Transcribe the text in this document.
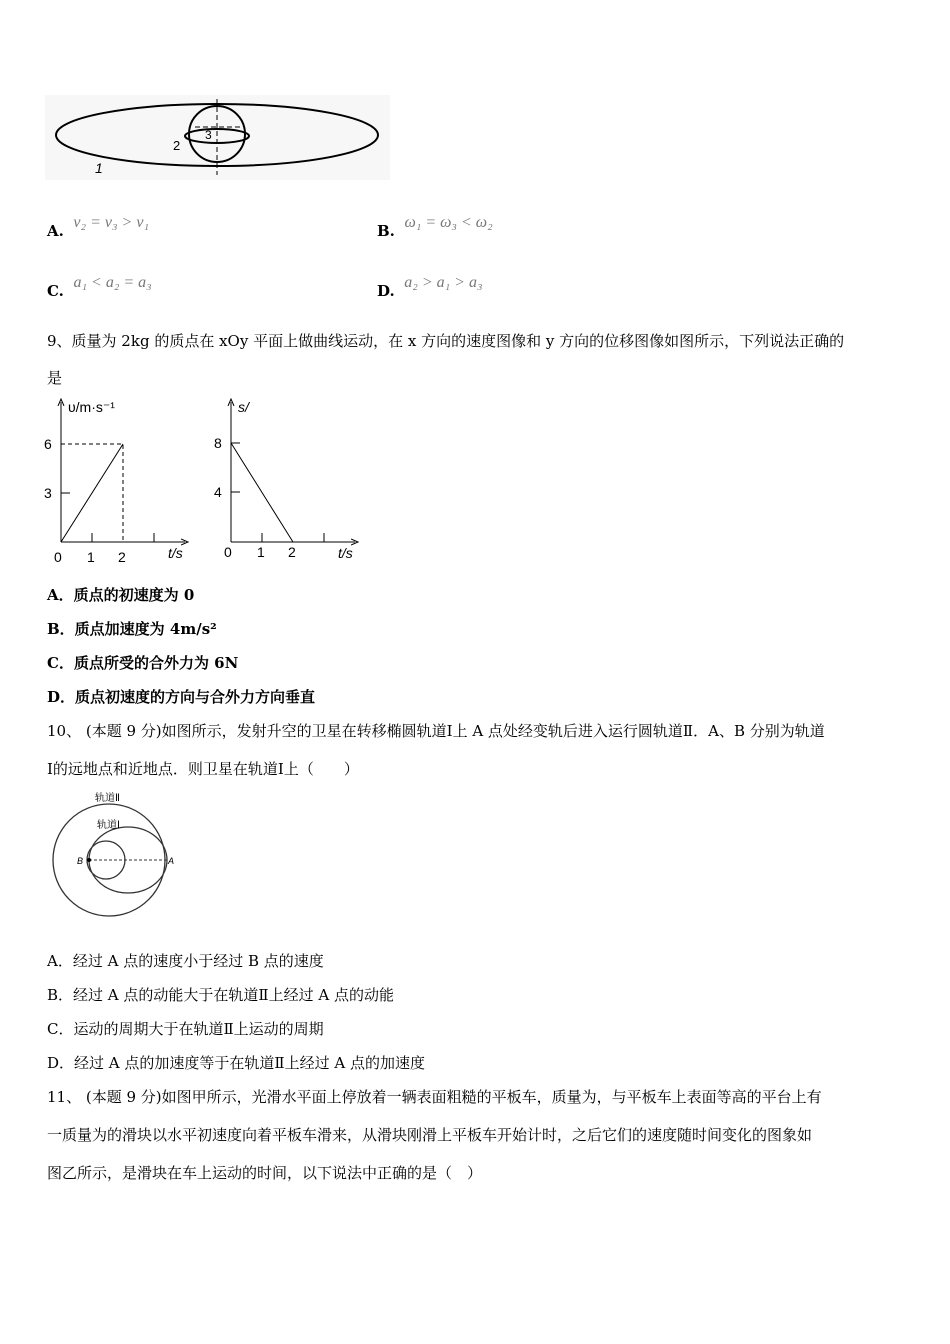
1
2
3
A. v₂ = v₃ > v₁	B. ω₁ = ω₃ < ω₂
C. a₁ < a₂ = a₃	D. a₂ > a₁ > a₃
9、质量为 2kg 的质点在 xOy 平面上做曲线运动，在 x 方向的速度图像和 y 方向的位移图像如图所示，下列说法正确的
是
υ/m·s⁻¹
t/s
6
3
0 1 2
s/
t/s
8
4
0 1 2
A．质点的初速度为 0
B．质点加速度为 4m/s²
C．质点所受的合外力为 6N
D．质点初速度的方向与合外力方向垂直
10、 (本题 9 分)如图所示，发射升空的卫星在转移椭圆轨道Ⅰ上 A 点处经变轨后进入运行圆轨道Ⅱ．A、B 分别为轨道
Ⅰ的远地点和近地点．则卫星在轨道Ⅰ上（　　）
轨道Ⅱ
轨道Ⅰ
B	A
A．经过 A 点的速度小于经过 B 点的速度
B．经过 A 点的动能大于在轨道Ⅱ上经过 A 点的动能
C．运动的周期大于在轨道Ⅱ上运动的周期
D．经过 A 点的加速度等于在轨道Ⅱ上经过 A 点的加速度
11、 (本题 9 分)如图甲所示，光滑水平面上停放着一辆表面粗糙的平板车，质量为，与平板车上表面等高的平台上有
一质量为的滑块以水平初速度向着平板车滑来，从滑块刚滑上平板车开始计时，之后它们的速度随时间变化的图象如
图乙所示，是滑块在车上运动的时间，以下说法中正确的是（　）
